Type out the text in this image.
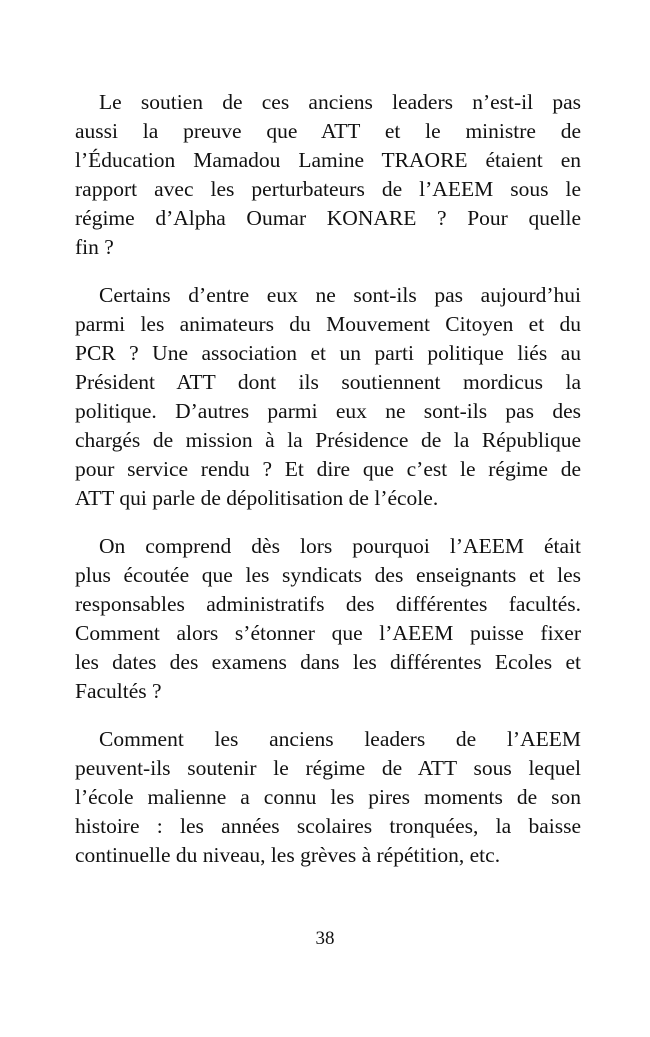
Le soutien de ces anciens leaders n’est-il pas
aussi la preuve que ATT et le ministre de
l’Éducation Mamadou Lamine TRAORE étaient en
rapport avec les perturbateurs de l’AEEM sous le
régime d’Alpha Oumar KONARE ? Pour quelle
fin ?
Certains d’entre eux ne sont-ils pas aujourd’hui
parmi les animateurs du Mouvement Citoyen et du
PCR ? Une association et un parti politique liés au
Président ATT dont ils soutiennent mordicus la
politique. D’autres parmi eux ne sont-ils pas des
chargés de mission à la Présidence de la République
pour service rendu ? Et dire que c’est le régime de
ATT qui parle de dépolitisation de l’école.
On comprend dès lors pourquoi l’AEEM était
plus écoutée que les syndicats des enseignants et les
responsables administratifs des différentes facultés.
Comment alors s’étonner que l’AEEM puisse fixer
les dates des examens dans les différentes Ecoles et
Facultés ?
Comment les anciens leaders de l’AEEM
peuvent-ils soutenir le régime de ATT sous lequel
l’école malienne a connu les pires moments de son
histoire : les années scolaires tronquées, la baisse
continuelle du niveau, les grèves à répétition, etc.
38
